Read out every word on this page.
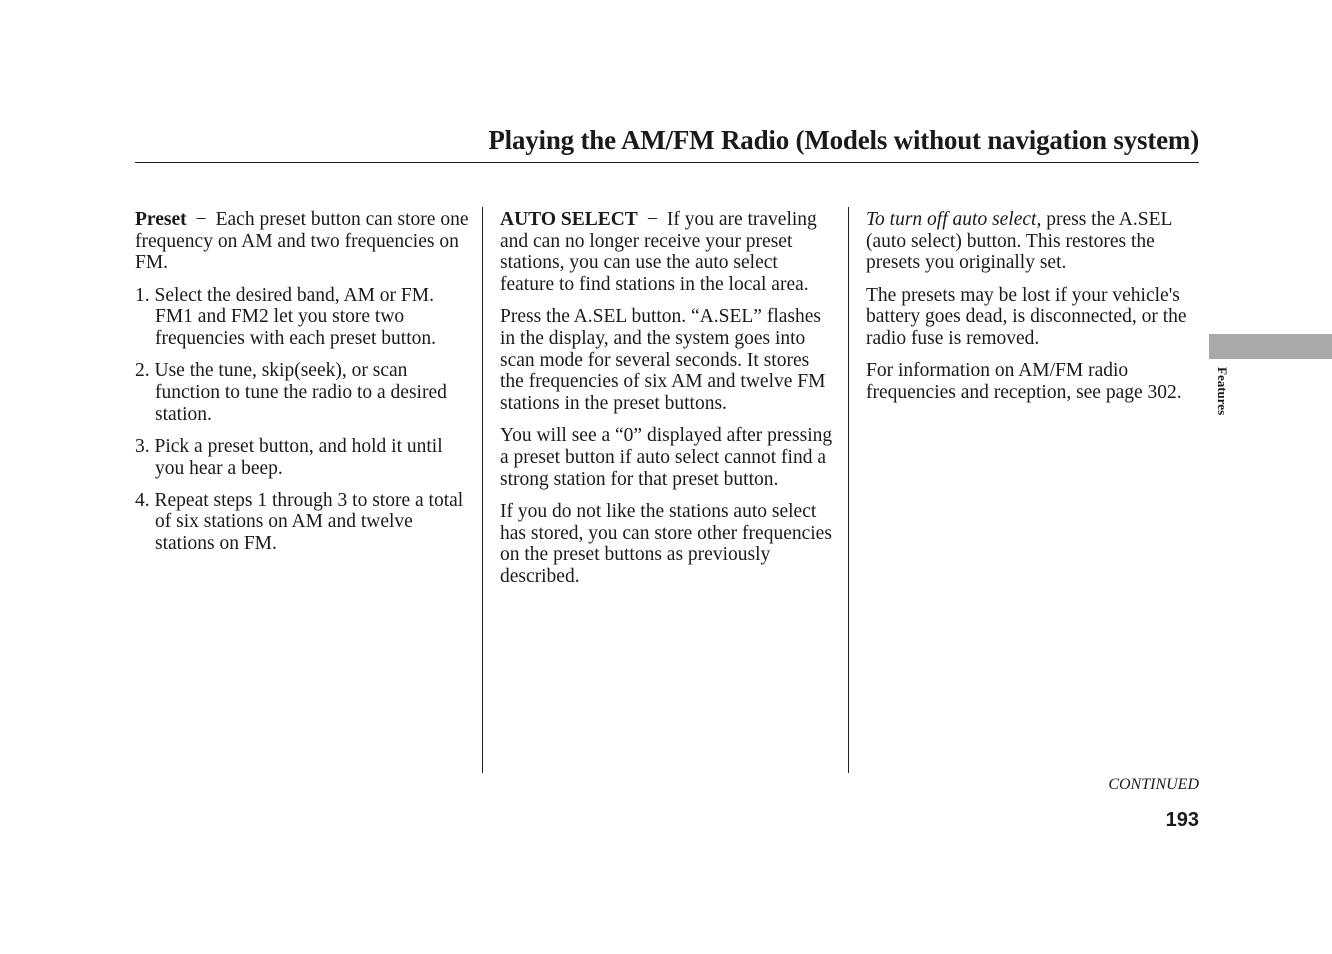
Playing the AM/FM Radio (Models without navigation system)

Preset − Each preset button can store one frequency on AM and two frequencies on FM.

1. Select the desired band, AM or FM. FM1 and FM2 let you store two frequencies with each preset button.
2. Use the tune, skip(seek), or scan function to tune the radio to a desired station.
3. Pick a preset button, and hold it until you hear a beep.
4. Repeat steps 1 through 3 to store a total of six stations on AM and twelve stations on FM.

AUTO SELECT − If you are traveling and can no longer receive your preset stations, you can use the auto select feature to find stations in the local area.

Press the A.SEL button. “A.SEL” flashes in the display, and the system goes into scan mode for several seconds. It stores the frequencies of six AM and twelve FM stations in the preset buttons.

You will see a “0” displayed after pressing a preset button if auto select cannot find a strong station for that preset button.

If you do not like the stations auto select has stored, you can store other frequencies on the preset buttons as previously described.

To turn off auto select, press the A.SEL (auto select) button. This restores the presets you originally set.

The presets may be lost if your vehicle's battery goes dead, is disconnected, or the radio fuse is removed.

For information on AM/FM radio frequencies and reception, see page 302.	Features
CONTINUED
193
